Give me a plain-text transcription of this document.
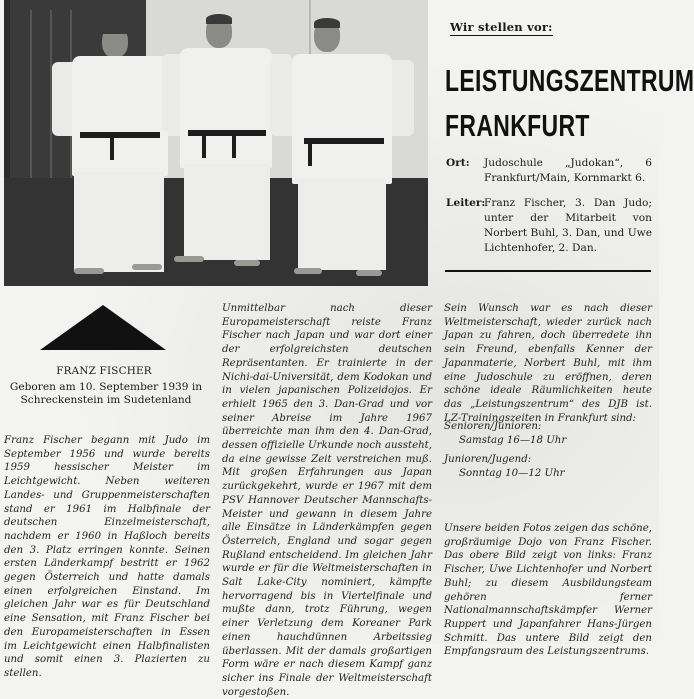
Wir stellen vor:
LEISTUNGSZENTRUM
FRANKFURT
Ort: Judoschule „Judokan“, 6 Frankfurt/Main, Kornmarkt 6.
Leiter:Franz Fischer, 3. Dan Judo; unter der Mitarbeit von Norbert Buhl, 3. Dan, und Uwe Lichtenhofer, 2. Dan.
FRANZ FISCHER
Geboren am 10. September 1939 in
Schreckenstein im Sudetenland

Franz Fischer begann mit Judo im September 1956 und wurde bereits 1959 hessischer Meister im Leichtgewicht. Neben weiteren Landes- und Gruppenmeisterschaften stand er 1961 im Halbfinale der deutschen Einzelmeisterschaft, nachdem er 1960 in Haßloch bereits den 3. Platz erringen konnte. Seinen ersten Länderkampf bestritt er 1962 gegen Österreich und hatte damals einen erfolgreichen Einstand. Im gleichen Jahr war es für Deutschland eine Sensation, mit Franz Fischer bei den Europameisterschaften in Essen im Leichtgewicht einen Halbfinalisten und somit einen 3. Plazierten zu stellen.

Unmittelbar nach dieser Europameisterschaft reiste Franz Fischer nach Japan und war dort einer der erfolgreichsten deutschen Repräsentanten. Er trainierte in der Nichi-dai-Universität, dem Kodokan und in vielen japanischen Polizeidojos. Er erhielt 1965 den 3. Dan-Grad und vor seiner Abreise im Jahre 1967 überreichte man ihm den 4. Dan-Grad, dessen offizielle Urkunde noch aussteht, da eine gewisse Zeit verstreichen muß. Mit großen Erfahrungen aus Japan zurückgekehrt, wurde er 1967 mit dem PSV Hannover Deutscher Mannschafts-Meister und gewann in diesem Jahre alle Einsätze in Länderkämpfen gegen Österreich, England und sogar gegen Rußland entscheidend. Im gleichen Jahr wurde er für die Weltmeisterschaften in Salt Lake-City nominiert, kämpfte hervorragend bis in Viertelfinale und mußte dann, trotz Führung, wegen einer Verletzung dem Koreaner Park einen hauchdünnen Arbeitssieg überlassen. Mit der damals großartigen Form wäre er nach diesem Kampf ganz sicher ins Finale der Weltmeisterschaft vorgestoßen.

Sein Wunsch war es nach dieser Weltmeisterschaft, wieder zurück nach Japan zu fahren, doch überredete ihn sein Freund, ebenfalls Kenner der Japanmaterie, Norbert Buhl, mit ihm eine Judoschule zu eröffnen, deren schöne ideale Räumlichkeiten heute das „Leistungszentrum“ des DJB ist. LZ-Trainingszeiten in Frankfurt sind:

Senioren/Junioren:
Samstag 16—18 Uhr
Junioren/Jugend:
Sonntag 10—12 Uhr

Unsere beiden Fotos zeigen das schöne, großräumige Dojo von Franz Fischer. Das obere Bild zeigt von links: Franz Fischer, Uwe Lichtenhofer und Norbert Buhl; zu diesem Ausbildungsteam gehören ferner Nationalmannschaftskämpfer Werner Ruppert und Japanfahrer Hans-Jürgen Schmitt. Das untere Bild zeigt den Empfangsraum des Leistungszentrums.
